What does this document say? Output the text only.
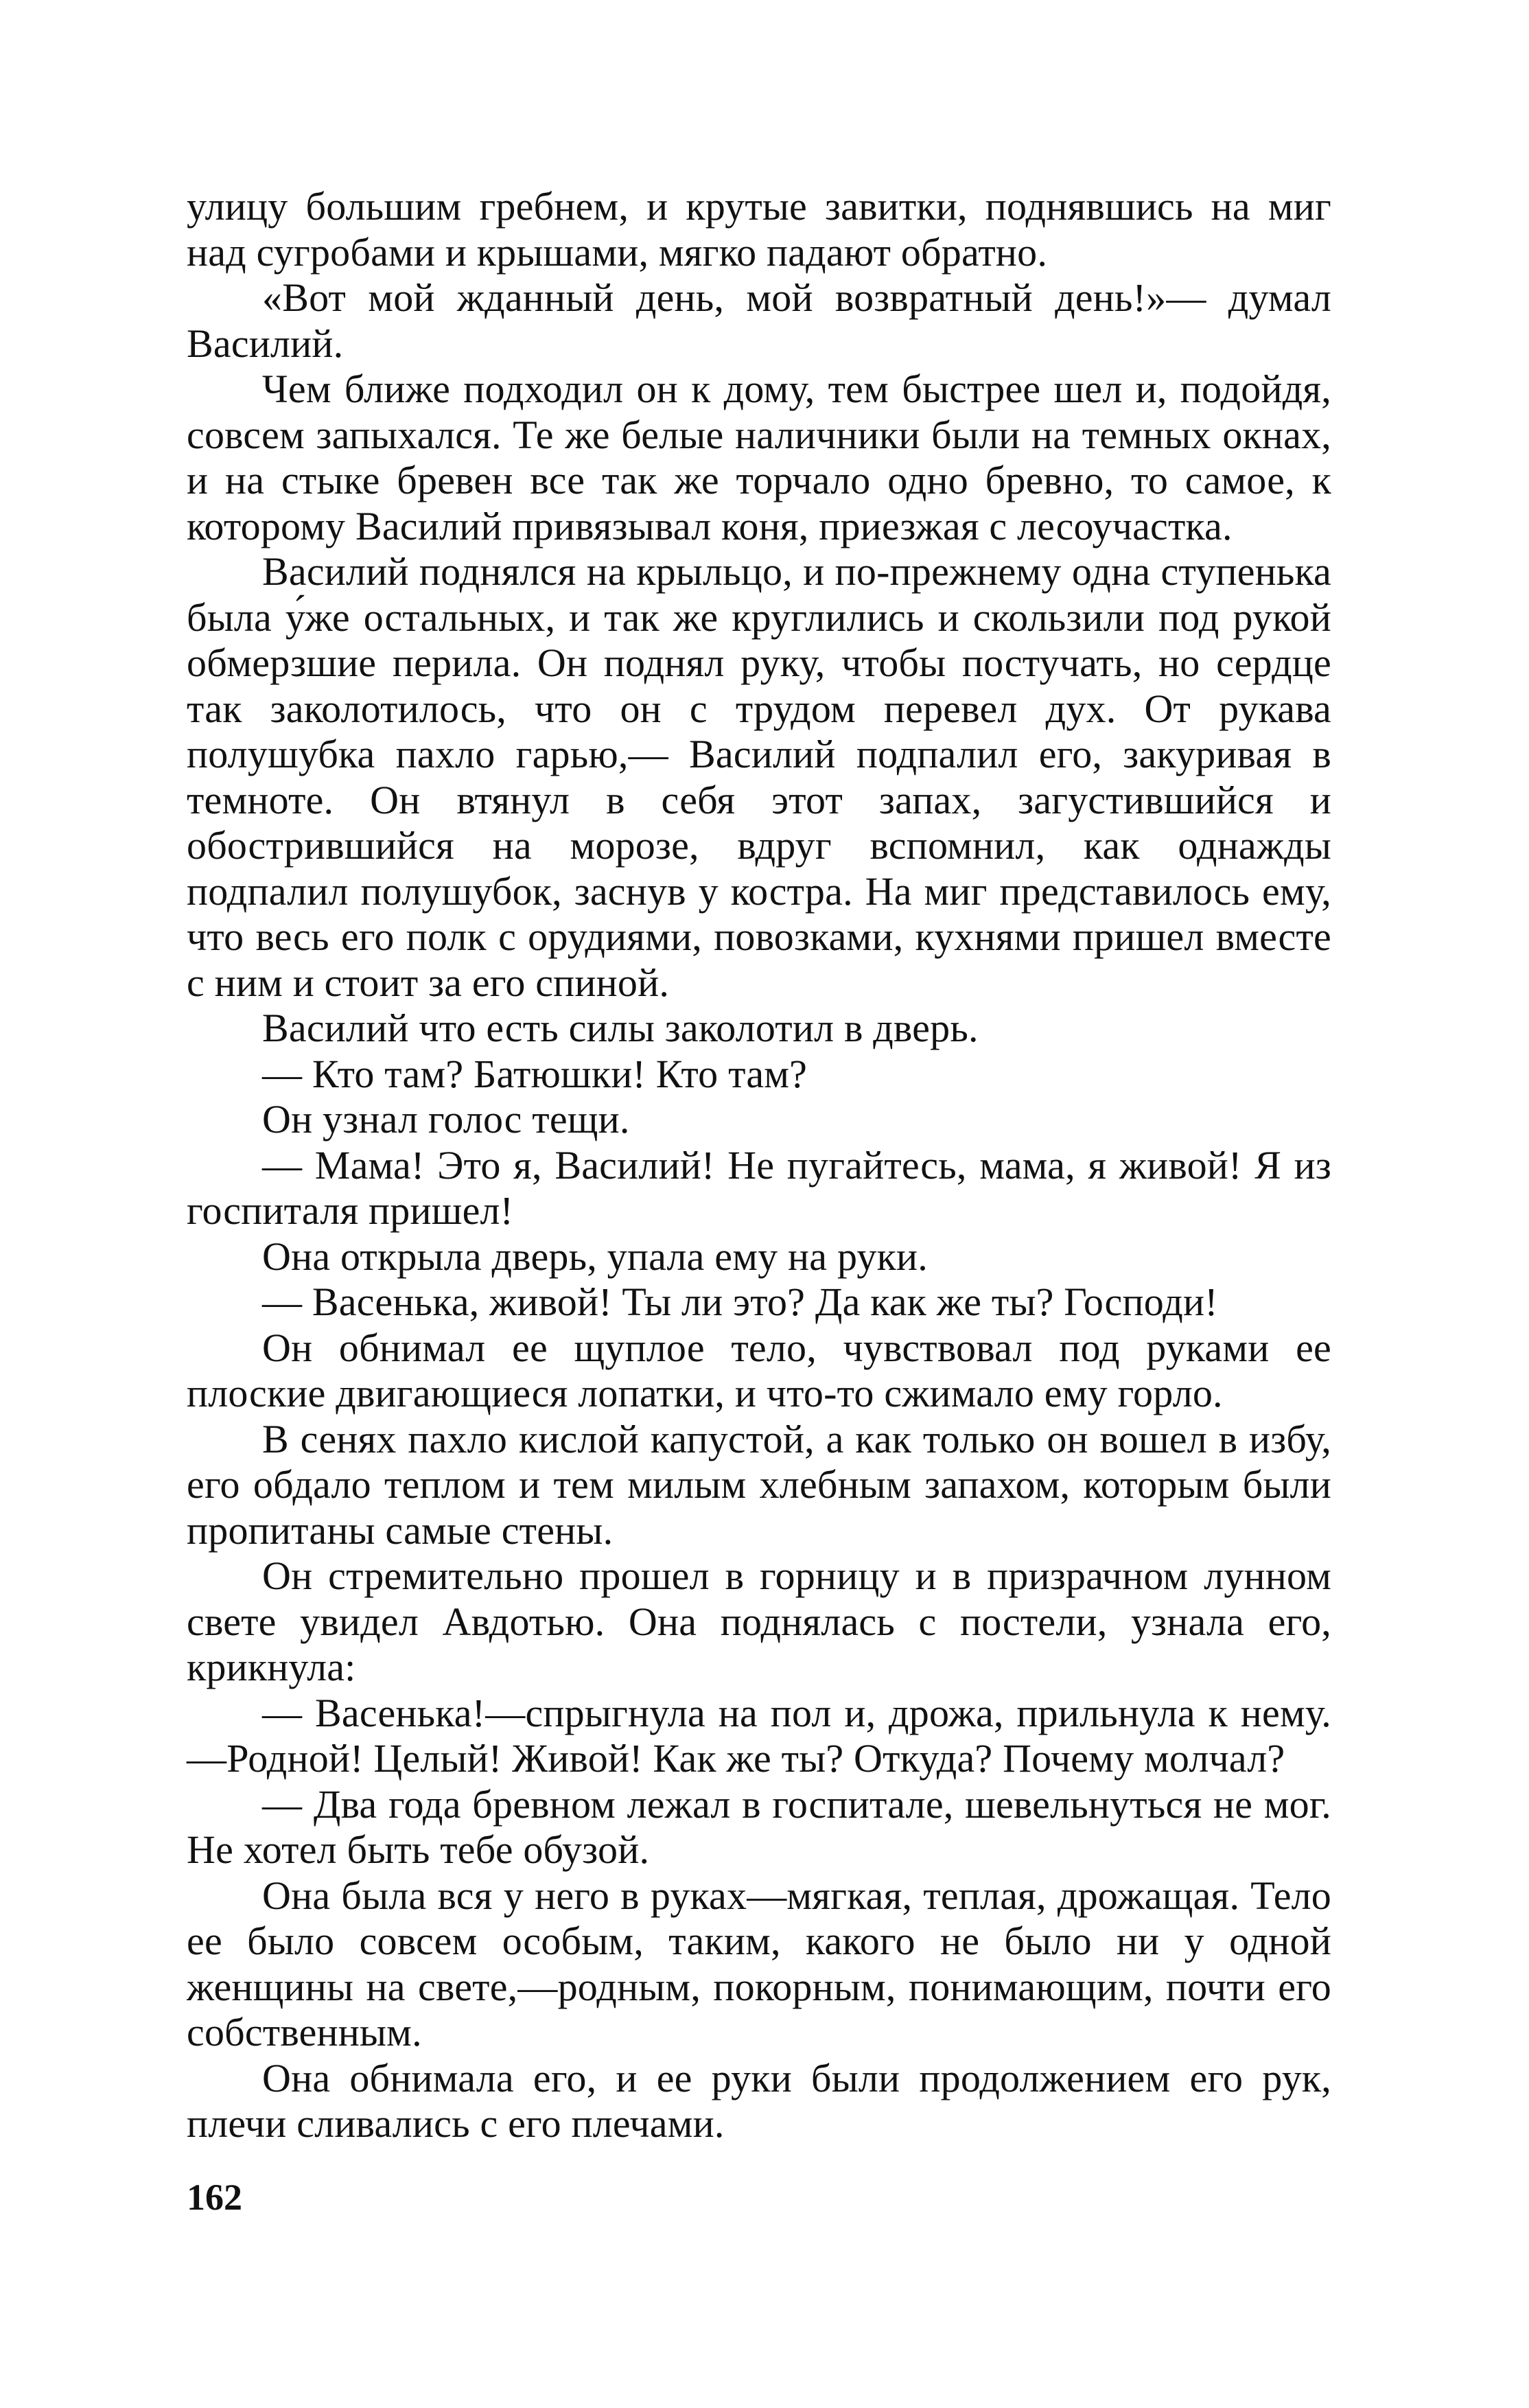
улицу большим гребнем, и крутые завитки, поднявшись на миг над сугробами и крышами, мягко падают обратно.

«Вот мой жданный день, мой возвратный день!»— думал Василий.

Чем ближе подходил он к дому, тем быстрее шел и, подойдя, совсем запыхался. Те же белые наличники были на темных окнах, и на стыке бревен все так же торчало одно бревно, то самое, к которому Василий привязывал коня, приезжая с лесоучастка.

Василий поднялся на крыльцо, и по-прежнему одна ступенька была у́же остальных, и так же круглились и скользили под рукой обмерзшие перила. Он поднял руку, чтобы постучать, но сердце так заколотилось, что он с трудом перевел дух. От рукава полушубка пахло гарью,— Василий подпалил его, закуривая в темноте. Он втянул в себя этот запах, загустившийся и обострившийся на морозе, вдруг вспомнил, как однажды подпалил полушубок, заснув у костра. На миг представилось ему, что весь его полк с орудиями, повозками, кухнями пришел вместе с ним и стоит за его спиной.

Василий что есть силы заколотил в дверь.

— Кто там? Батюшки! Кто там?

Он узнал голос тещи.

— Мама! Это я, Василий! Не пугайтесь, мама, я живой! Я из госпиталя пришел!

Она открыла дверь, упала ему на руки.

— Васенька, живой! Ты ли это? Да как же ты? Господи!

Он обнимал ее щуплое тело, чувствовал под руками ее плоские двигающиеся лопатки, и что-то сжимало ему горло.

В сенях пахло кислой капустой, а как только он вошел в избу, его обдало теплом и тем милым хлебным запахом, которым были пропитаны самые стены.

Он стремительно прошел в горницу и в призрачном лунном свете увидел Авдотью. Она поднялась с постели, узнала его, крикнула:

— Васенька!—спрыгнула на пол и, дрожа, прильнула к нему.—Родной! Целый! Живой! Как же ты? Откуда? Почему молчал?

— Два года бревном лежал в госпитале, шевельнуться не мог. Не хотел быть тебе обузой.

Она была вся у него в руках—мягкая, теплая, дрожащая. Тело ее было совсем особым, таким, какого не было ни у одной женщины на свете,—родным, покорным, понимающим, почти его собственным.

Она обнимала его, и ее руки были продолжением его рук, плечи сливались с его плечами.

162
